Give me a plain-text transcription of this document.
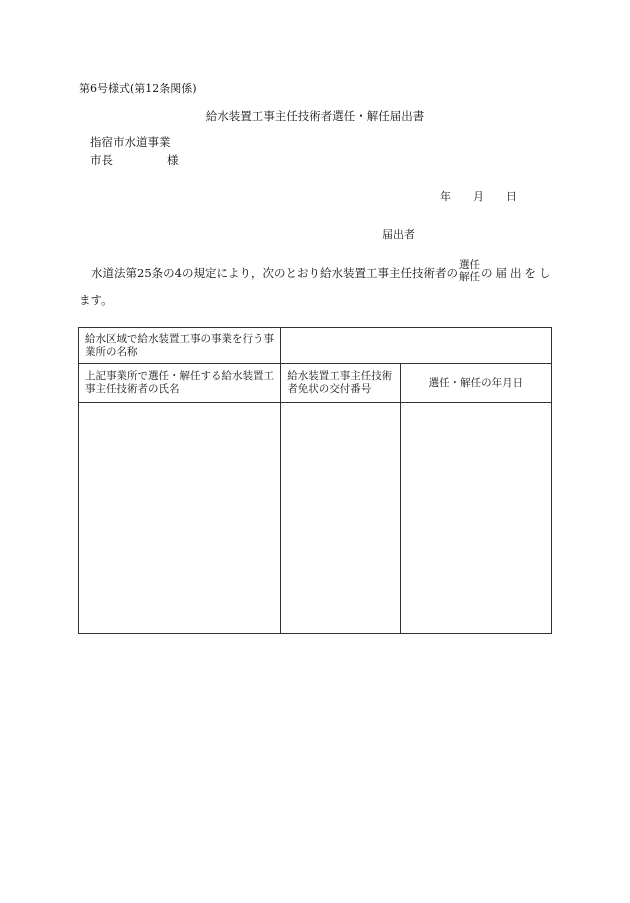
第6号様式(第12条関係)
給水装置工事主任技術者選任・解任届出書
指宿市水道事業
市長	様
年 月 日
届出者
水道法第25条の4の規定により，次のとおり給水装置工事主任技術者の
選任
解任 の届出をし
ます。
給水区域で給水装置工事の事業を行う事業所の名称		
上記事業所で選任・解任する給水装置工事主任技術者の氏名	給水装置工事主任技術者免状の交付番号	選任・解任の年月日
